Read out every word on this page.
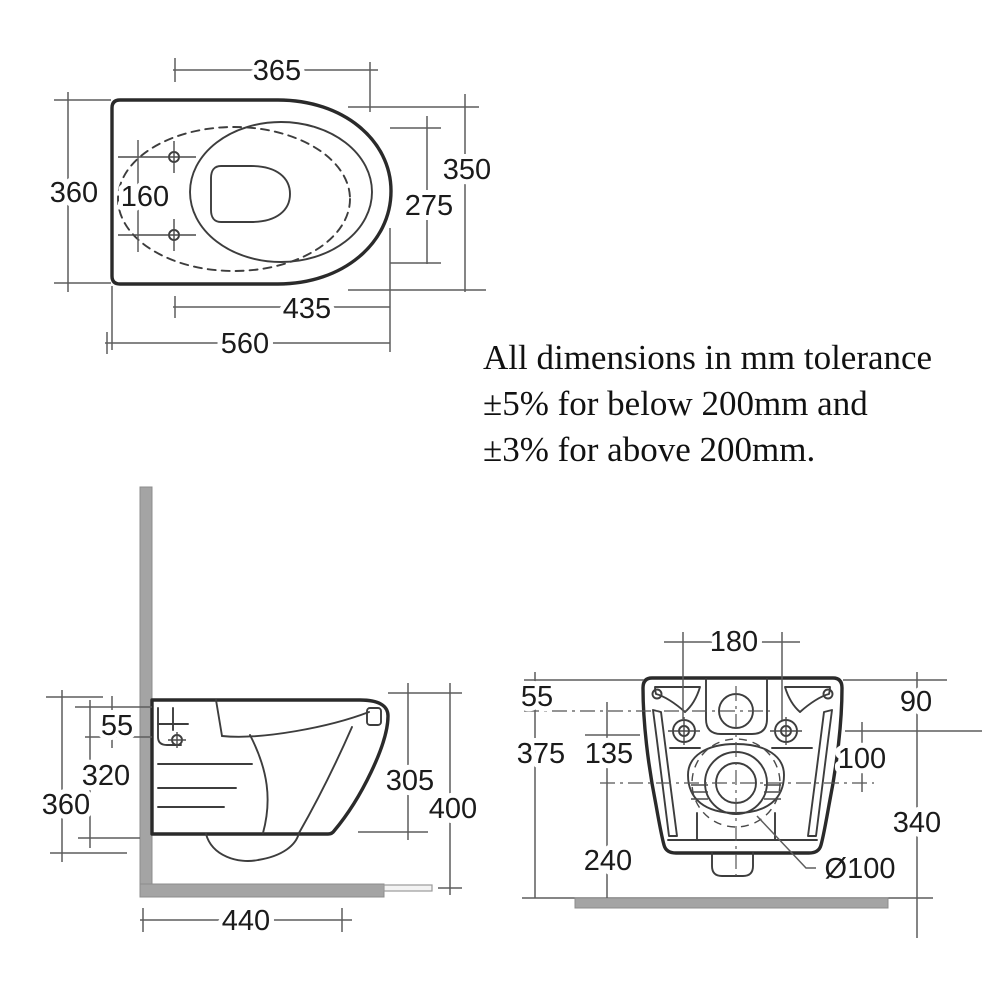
365
360 160
350
275
435
560
55
320
360
305
400
440
180
55	90
375 135	100
240
340
Ø100
All dimensions in mm tolerance
±5% for below 200mm and
±3% for above 200mm.
